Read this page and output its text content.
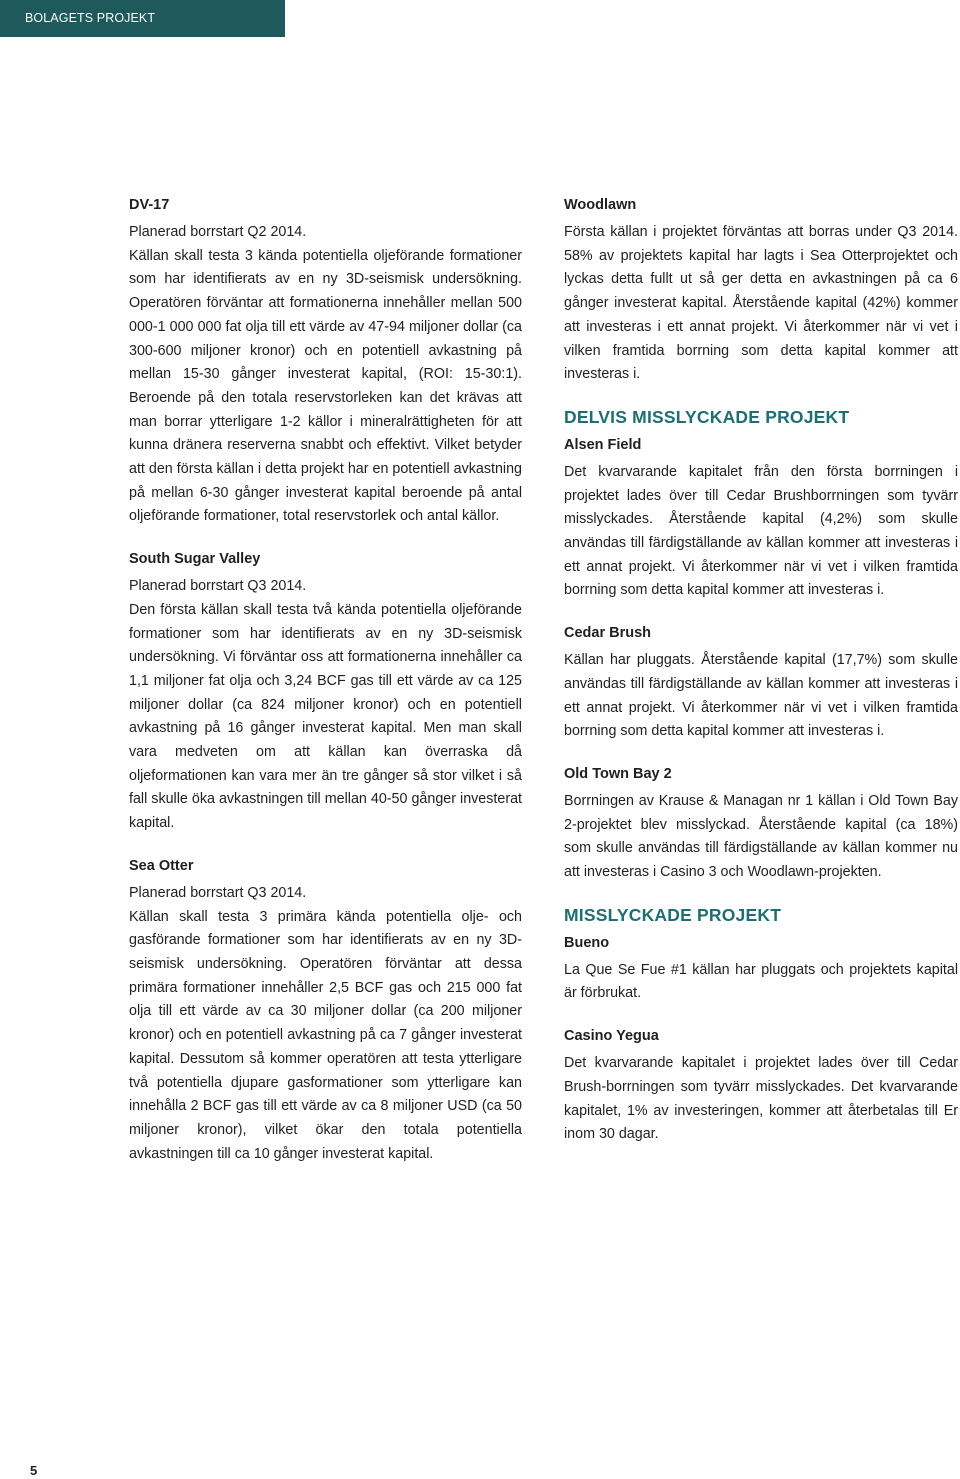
BOLAGETS PROJEKT
DV-17

Planerad borrstart Q2 2014.

Källan skall testa 3 kända potentiella oljeförande formationer som har identifierats av en ny 3D-seismisk undersökning. Operatören förväntar att formationerna innehåller mellan 500 000-1 000 000 fat olja till ett värde av 47-94 miljoner dollar (ca 300-600 miljoner kronor) och en potentiell avkastning på mellan 15-30 gånger investerat kapital, (ROI: 15-30:1). Beroende på den totala reservstorleken kan det krävas att man borrar ytterligare 1-2 källor i mineralrättigheten för att kunna dränera reserverna snabbt och effektivt. Vilket betyder att den första källan i detta projekt har en potentiell avkastning på mellan 6-30 gånger investerat kapital beroende på antal oljeförande formationer, total reservstorlek och antal källor.

South Sugar Valley

Planerad borrstart Q3 2014.

Den första källan skall testa två kända potentiella oljeförande formationer som har identifierats av en ny 3D-seismisk undersökning. Vi förväntar oss att formationerna innehåller ca 1,1 miljoner fat olja och 3,24 BCF gas till ett värde av ca 125 miljoner dollar (ca 824 miljoner kronor) och en potentiell avkastning på 16 gånger investerat kapital. Men man skall vara medveten om att källan kan överraska då oljeformationen kan vara mer än tre gånger så stor vilket i så fall skulle öka avkastningen till mellan 40-50 gånger investerat kapital.

Sea Otter

Planerad borrstart Q3 2014.

Källan skall testa 3 primära kända potentiella olje- och gasförande formationer som har identifierats av en ny 3D-seismisk undersökning. Operatören förväntar att dessa primära formationer innehåller 2,5 BCF gas och 215 000 fat olja till ett värde av ca 30 miljoner dollar (ca 200 miljoner kronor) och en potentiell avkastning på ca 7 gånger investerat kapital. Dessutom så kommer operatören att testa ytterligare två potentiella djupare gasformationer som ytterligare kan innehålla 2 BCF gas till ett värde av ca 8 miljoner USD (ca 50 miljoner kronor), vilket ökar den totala potentiella avkastningen till ca 10 gånger investerat kapital.

Woodlawn

Första källan i projektet förväntas att borras under Q3 2014. 58% av projektets kapital har lagts i Sea Otterprojektet och lyckas detta fullt ut så ger detta en avkastningen på ca 6 gånger investerat kapital. Återstående kapital (42%) kommer att investeras i ett annat projekt. Vi återkommer när vi vet i vilken framtida borrning som detta kapital kommer att investeras i.

DELVIS MISSLYCKADE PROJEKT
Alsen Field

Det kvarvarande kapitalet från den första borrningen i projektet lades över till Cedar Brushborrningen som tyvärr misslyckades. Återstående kapital (4,2%) som skulle användas till färdigställande av källan kommer att investeras i ett annat projekt. Vi återkommer när vi vet i vilken framtida borrning som detta kapital kommer att investeras i.

Cedar Brush

Källan har pluggats. Återstående kapital (17,7%) som skulle användas till färdigställande av källan kommer att investeras i ett annat projekt. Vi återkommer när vi vet i vilken framtida borrning som detta kapital kommer att investeras i.

Old Town Bay 2

Borrningen av Krause & Managan nr 1 källan i Old Town Bay 2-projektet blev misslyckad. Återstående kapital (ca 18%) som skulle användas till färdigställande av källan kommer nu att investeras i Casino 3 och Woodlawn-projekten.

MISSLYCKADE PROJEKT
Bueno

La Que Se Fue #1 källan har pluggats och projektets kapital är förbrukat.

Casino Yegua

Det kvarvarande kapitalet i projektet lades över till Cedar Brush-borrningen som tyvärr misslyckades. Det kvarvarande kapitalet, 1% av investeringen, kommer att återbetalas till Er inom 30 dagar.

5
